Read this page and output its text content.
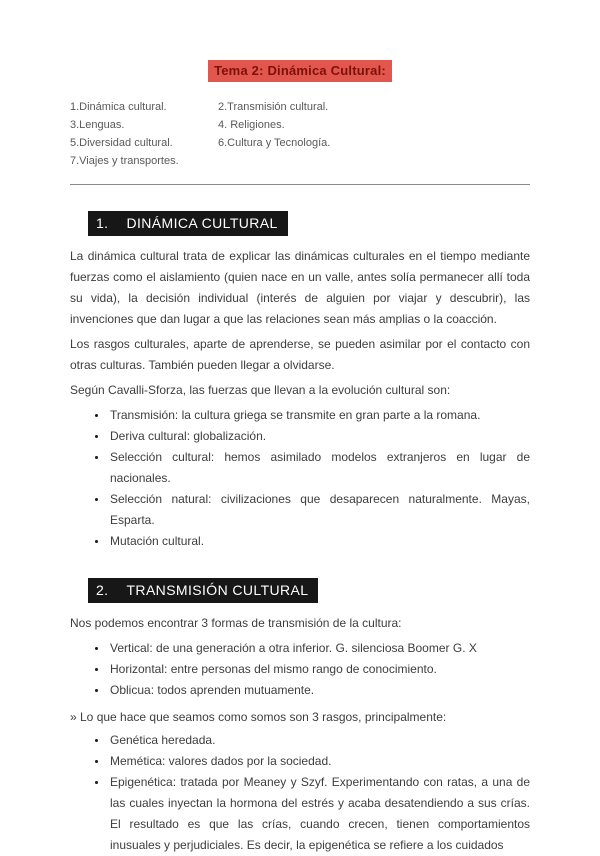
Tema 2: Dinámica Cultural:
1.Dinámica cultural.	2.Transmisión cultural.
3.Lenguas.	4. Religiones.
5.Diversidad cultural.	6.Cultura y Tecnología.
7.Viajes y transportes.
1. DINÁMICA CULTURAL

La dinámica cultural trata de explicar las dinámicas culturales en el tiempo mediante fuerzas como el aislamiento (quien nace en un valle, antes solía permanecer allí toda su vida), la decisión individual (interés de alguien por viajar y descubrir), las invenciones que dan lugar a que las relaciones sean más amplias o la coacción.

Los rasgos culturales, aparte de aprenderse, se pueden asimilar por el contacto con otras culturas. También pueden llegar a olvidarse.

Según Cavalli-Sforza, las fuerzas que llevan a la evolución cultural son:

• Transmisión: la cultura griega se transmite en gran parte a la romana.
• Deriva cultural: globalización.
• Selección cultural: hemos asimilado modelos extranjeros en lugar de nacionales.
• Selección natural: civilizaciones que desaparecen naturalmente. Mayas, Esparta.
• Mutación cultural.
2. TRANSMISIÓN CULTURAL

Nos podemos encontrar 3 formas de transmisión de la cultura:

• Vertical: de una generación a otra inferior. G. silenciosa Boomer G. X
• Horizontal: entre personas del mismo rango de conocimiento.
• Oblicua: todos aprenden mutuamente.

» Lo que hace que seamos como somos son 3 rasgos, principalmente:

• Genética heredada.
• Memética: valores dados por la sociedad.
• Epigenética: tratada por Meaney y Szyf. Experimentando con ratas, a una de las cuales inyectan la hormona del estrés y acaba desatendiendo a sus crías. El resultado es que las crías, cuando crecen, tienen comportamientos inusuales y perjudiciales. Es decir, la epigenética se refiere a los cuidados
